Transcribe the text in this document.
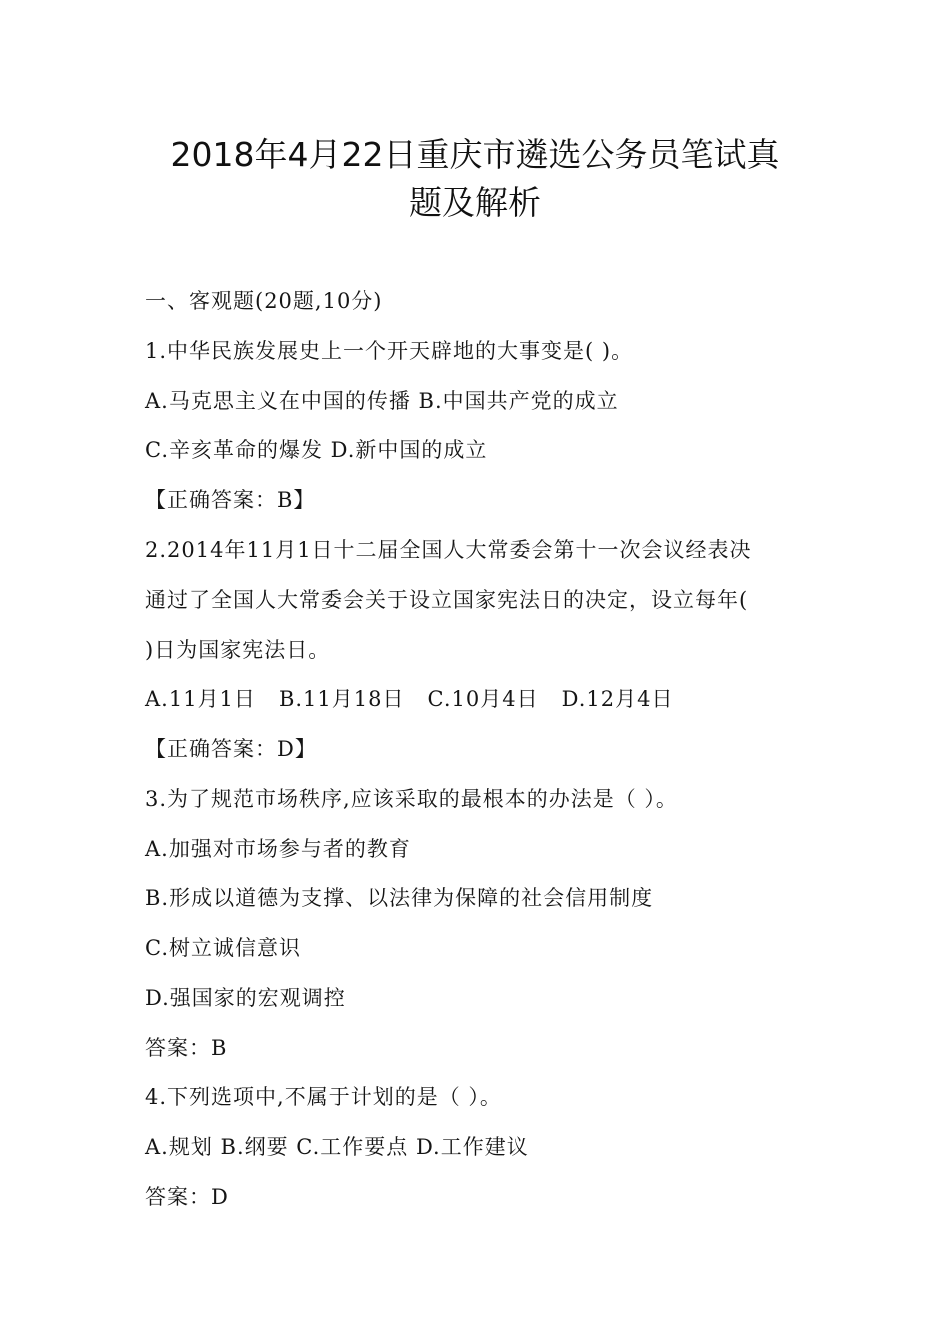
2018年4月22日重庆市遴选公务员笔试真
题及解析
一、客观题(20题,10分)
1.中华民族发展史上一个开天辟地的大事变是( )。
A.马克思主义在中国的传播 B.中国共产党的成立
C.辛亥革命的爆发 D.新中国的成立
【正确答案：B】
2.2014年11月1日十二届全国人大常委会第十一次会议经表决
通过了全国人大常委会关于设立国家宪法日的决定，设立每年(
)日为国家宪法日。
A.11月1日   B.11月18日   C.10月4日   D.12月4日
【正确答案：D】
3.为了规范市场秩序,应该采取的最根本的办法是（ ）。
A.加强对市场参与者的教育
B.形成以道德为支撑、以法律为保障的社会信用制度
C.树立诚信意识
D.强国家的宏观调控
答案：B
4.下列选项中,不属于计划的是（ ）。
A.规划 B.纲要 C.工作要点 D.工作建议
答案：D
